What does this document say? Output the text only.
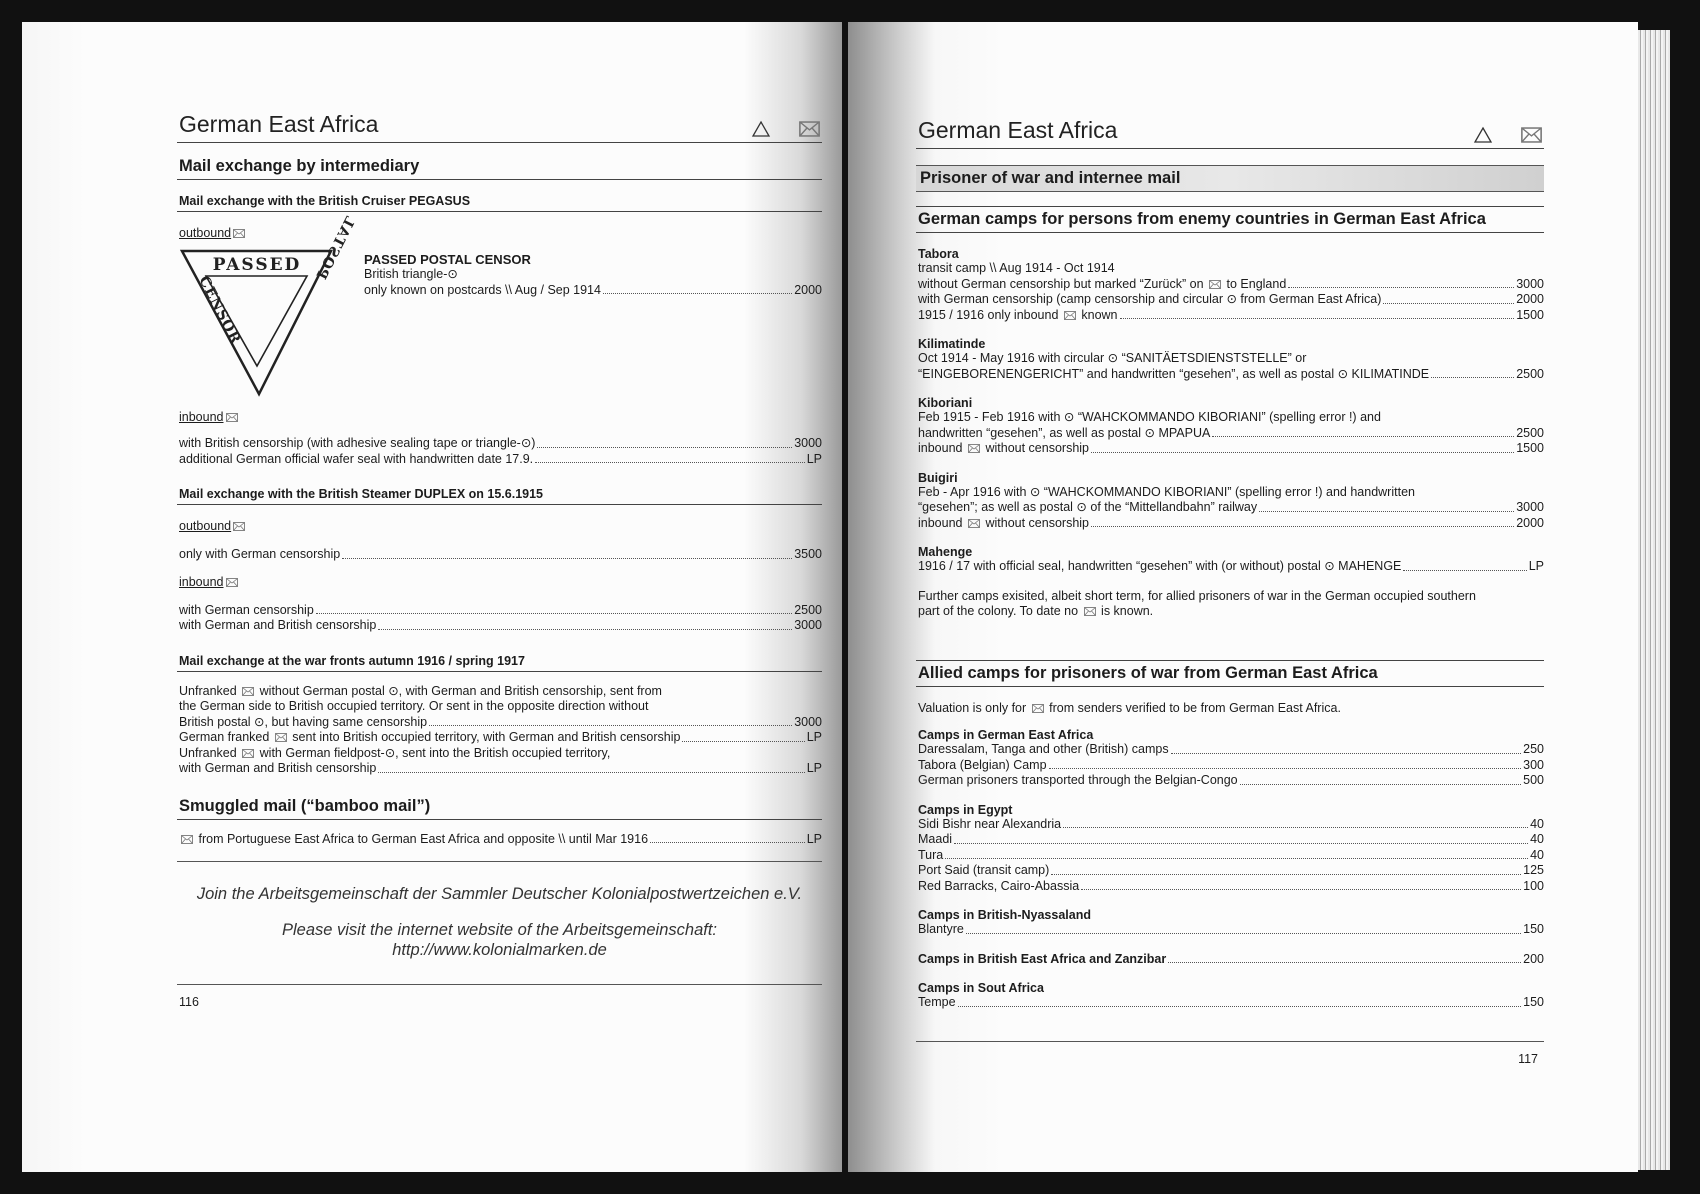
German East Africa
Mail exchange by intermediary
Mail exchange with the British Cruiser PEGASUS
outbound
PASSED
CENSOR
POSTAL PASSED POSTAL CENSOR
British triangle-⊙
only known on postcards \\ Aug / Sep 1914	2000
inbound
with British censorship (with adhesive sealing tape or triangle-⊙)	3000
additional German official wafer seal with handwritten date 17.9.	LP
Mail exchange with the British Steamer DUPLEX on 15.6.1915
outbound
only with German censorship	3500
inbound
with German censorship	2500
with German and British censorship	3000
Mail exchange at the war fronts autumn 1916 / spring 1917
Unfranked without German postal ⊙, with German and British censorship, sent from
the German side to British occupied territory. Or sent in the opposite direction without
British postal ⊙, but having same censorship	3000
German franked sent into British occupied territory, with German and British censorship	LP
Unfranked with German fieldpost-⊙, sent into the British occupied territory,
with German and British censorship	LP
Smuggled mail (“bamboo mail”)
from Portuguese East Africa to German East Africa and opposite \\ until Mar 1916	LP
Join the Arbeitsgemeinschaft der Sammler Deutscher Kolonialpostwertzeichen e.V.
Please visit the internet website of the Arbeitsgemeinschaft:
http://www.kolonialmarken.de
116
German East Africa
Prisoner of war and internee mail
German camps for persons from enemy countries in German East Africa
Tabora
transit camp \\ Aug 1914 - Oct 1914
without German censorship but marked “Zurück” on to England	3000
with German censorship (camp censorship and circular ⊙ from German East Africa)	2000
1915 / 1916 only inbound known	1500
Kilimatinde
Oct 1914 - May 1916 with circular ⊙ “SANITÄETSDIENSTSTELLE” or
“EINGEBORENENGERICHT” and handwritten “gesehen”, as well as postal ⊙ KILIMATINDE	2500
Kiboriani
Feb 1915 - Feb 1916 with ⊙ “WAHCKOMMANDO KIBORIANI” (spelling error !) and
handwritten “gesehen”, as well as postal ⊙ MPAPUA	2500
inbound without censorship	1500
Buigiri
Feb - Apr 1916 with ⊙ “WAHCKOMMANDO KIBORIANI” (spelling error !) and handwritten
“gesehen”; as well as postal ⊙ of the “Mittellandbahn” railway	3000
inbound without censorship	2000
Mahenge
1916 / 17 with official seal, handwritten “gesehen” with (or without) postal ⊙ MAHENGE	LP
Further camps exisited, albeit short term, for allied prisoners of war in the German occupied southern
part of the colony. To date no is known.
Allied camps for prisoners of war from German East Africa
Valuation is only for from senders verified to be from German East Africa.
Camps in German East Africa
Daressalam, Tanga and other (British) camps	250
Tabora (Belgian) Camp	300
German prisoners transported through the Belgian-Congo	500
Camps in Egypt
Sidi Bishr near Alexandria	40
Maadi	40
Tura	40
Port Said (transit camp)	125
Red Barracks, Cairo-Abassia	100
Camps in British-Nyassaland
Blantyre	150
Camps in British East Africa and Zanzibar	200
Camps in Sout Africa
Tempe	150
117
